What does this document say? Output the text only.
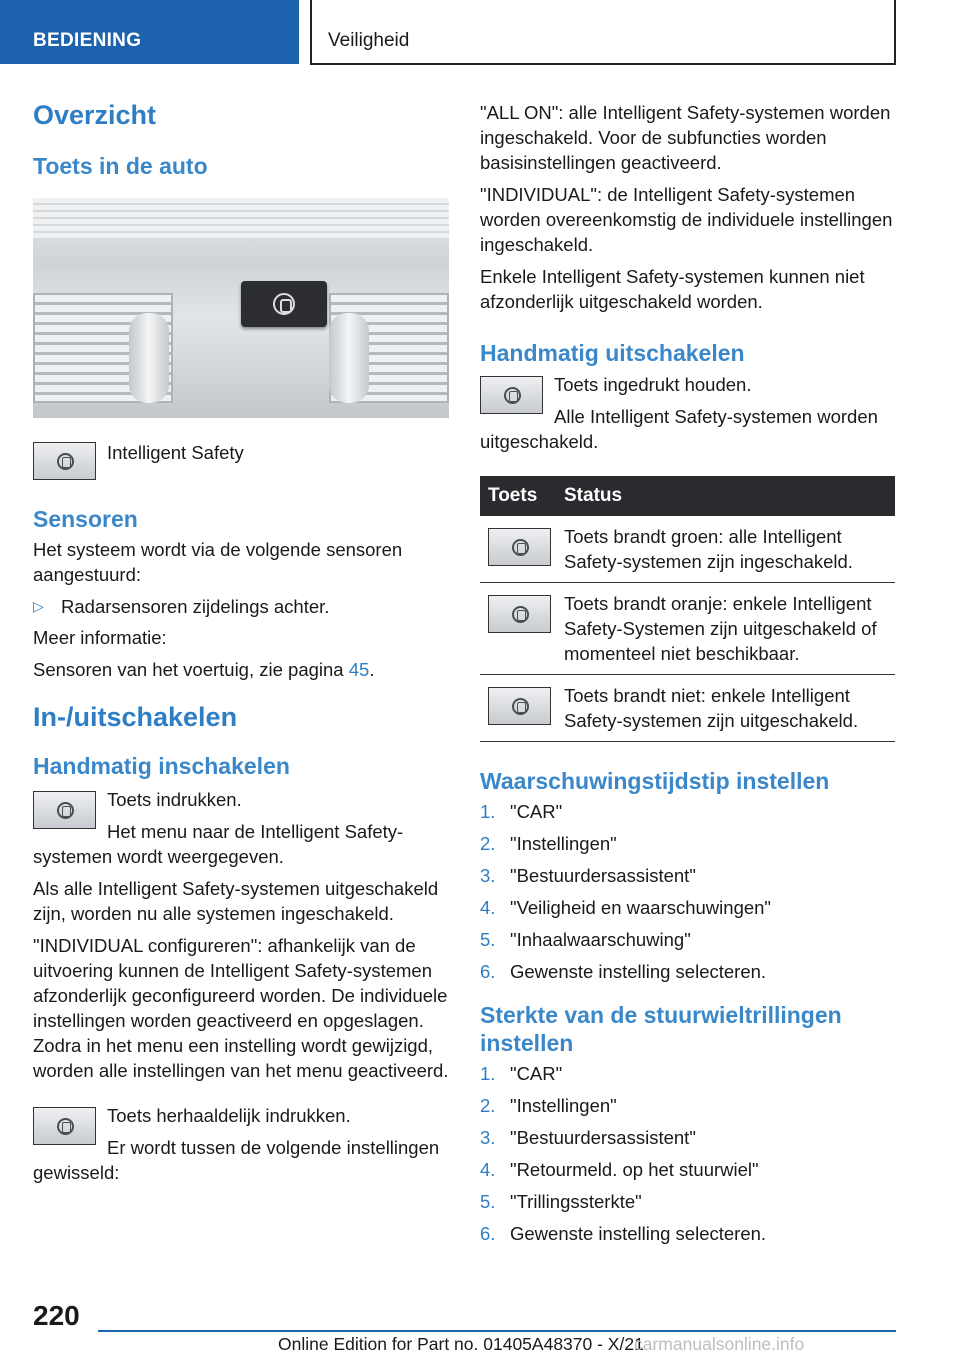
BEDIENING	Veiligheid
Overzicht
Toets in de auto

Intelligent Safety

Sensoren

Het systeem wordt via de volgende sensoren aangestuurd:

▷ Radarsensoren zijdelings achter.

Meer informatie:

Sensoren van het voertuig, zie pagina 45.

In-/uitschakelen
Handmatig inschakelen

Toets indrukken.

Het menu naar de Intelligent Safety-systemen wordt weergegeven.

Als alle Intelligent Safety-systemen uitgeschakeld zijn, worden nu alle systemen ingeschakeld.

"INDIVIDUAL configureren": afhankelijk van de uitvoering kunnen de Intelligent Safety-systemen afzonderlijk geconfigureerd worden. De individuele instellingen worden geactiveerd en opgeslagen. Zodra in het menu een instelling wordt gewijzigd, worden alle instellingen van het menu geactiveerd.

Toets herhaaldelijk indrukken.

Er wordt tussen de volgende instellingen gewisseld:

"ALL ON": alle Intelligent Safety-systemen worden ingeschakeld. Voor de subfuncties worden basisinstellingen geactiveerd.

"INDIVIDUAL": de Intelligent Safety-systemen worden overeenkomstig de individuele instellingen ingeschakeld.

Enkele Intelligent Safety-systemen kunnen niet afzonderlijk uitgeschakeld worden.

Handmatig uitschakelen

Toets ingedrukt houden.

Alle Intelligent Safety-systemen worden uitgeschakeld.

Toets	Status

	Toets brandt groen: alle Intelligent Safety-systemen zijn ingeschakeld.

	Toets brandt oranje: enkele Intelligent Safety-Systemen zijn uitgeschakeld of momenteel niet beschikbaar.

	Toets brandt niet: enkele Intelligent Safety-systemen zijn uitgeschakeld.
Waarschuwingstijdstip instellen
1. "CAR"
2. "Instellingen"
3. "Bestuurdersassistent"
4. "Veiligheid en waarschuwingen"
5. "Inhaalwaarschuwing"
6. Gewenste instelling selecteren.
Sterkte van de stuurwieltrillingen instellen
1. "CAR"
2. "Instellingen"
3. "Bestuurdersassistent"
4. "Retourmeld. op het stuurwiel"
5. "Trillingssterkte"
6. Gewenste instelling selecteren.
220
Online Edition for Part no. 01405A48370 - X/21
carmanualsonline.info
